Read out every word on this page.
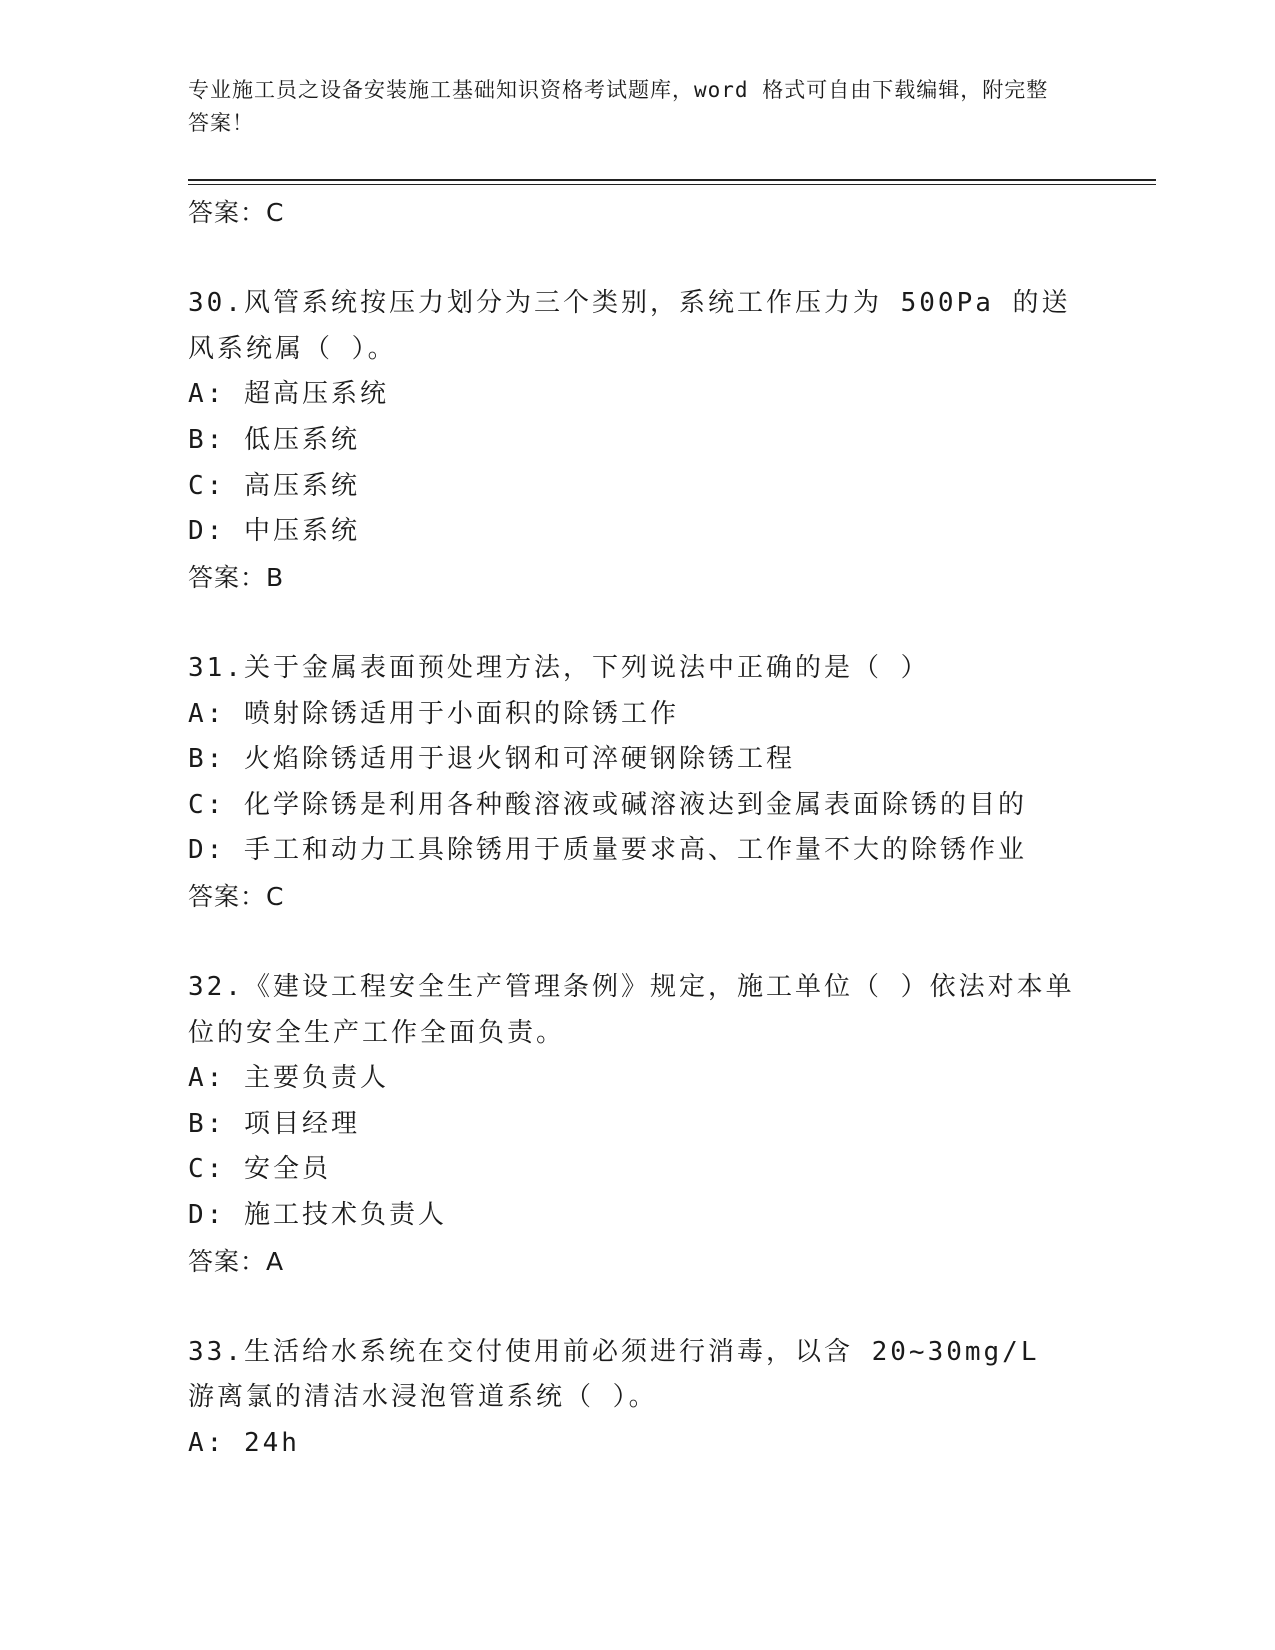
专业施工员之设备安装施工基础知识资格考试题库，word 格式可自由下载编辑，附完整答案！
答案：C
30.风管系统按压力划分为三个类别，系统工作压力为 500Pa 的送风系统属（ ）。
A: 超高压系统
B: 低压系统
C: 高压系统
D: 中压系统
答案：B
31.关于金属表面预处理方法，下列说法中正确的是（ ）
A: 喷射除锈适用于小面积的除锈工作
B: 火焰除锈适用于退火钢和可淬硬钢除锈工程
C: 化学除锈是利用各种酸溶液或碱溶液达到金属表面除锈的目的
D: 手工和动力工具除锈用于质量要求高、工作量不大的除锈作业
答案：C
32.《建设工程安全生产管理条例》规定，施工单位（ ）依法对本单位的安全生产工作全面负责。
A: 主要负责人
B: 项目经理
C: 安全员
D: 施工技术负责人
答案：A
33.生活给水系统在交付使用前必须进行消毒，以含 20~30mg/L 游离氯的清洁水浸泡管道系统（ ）。
A: 24h
